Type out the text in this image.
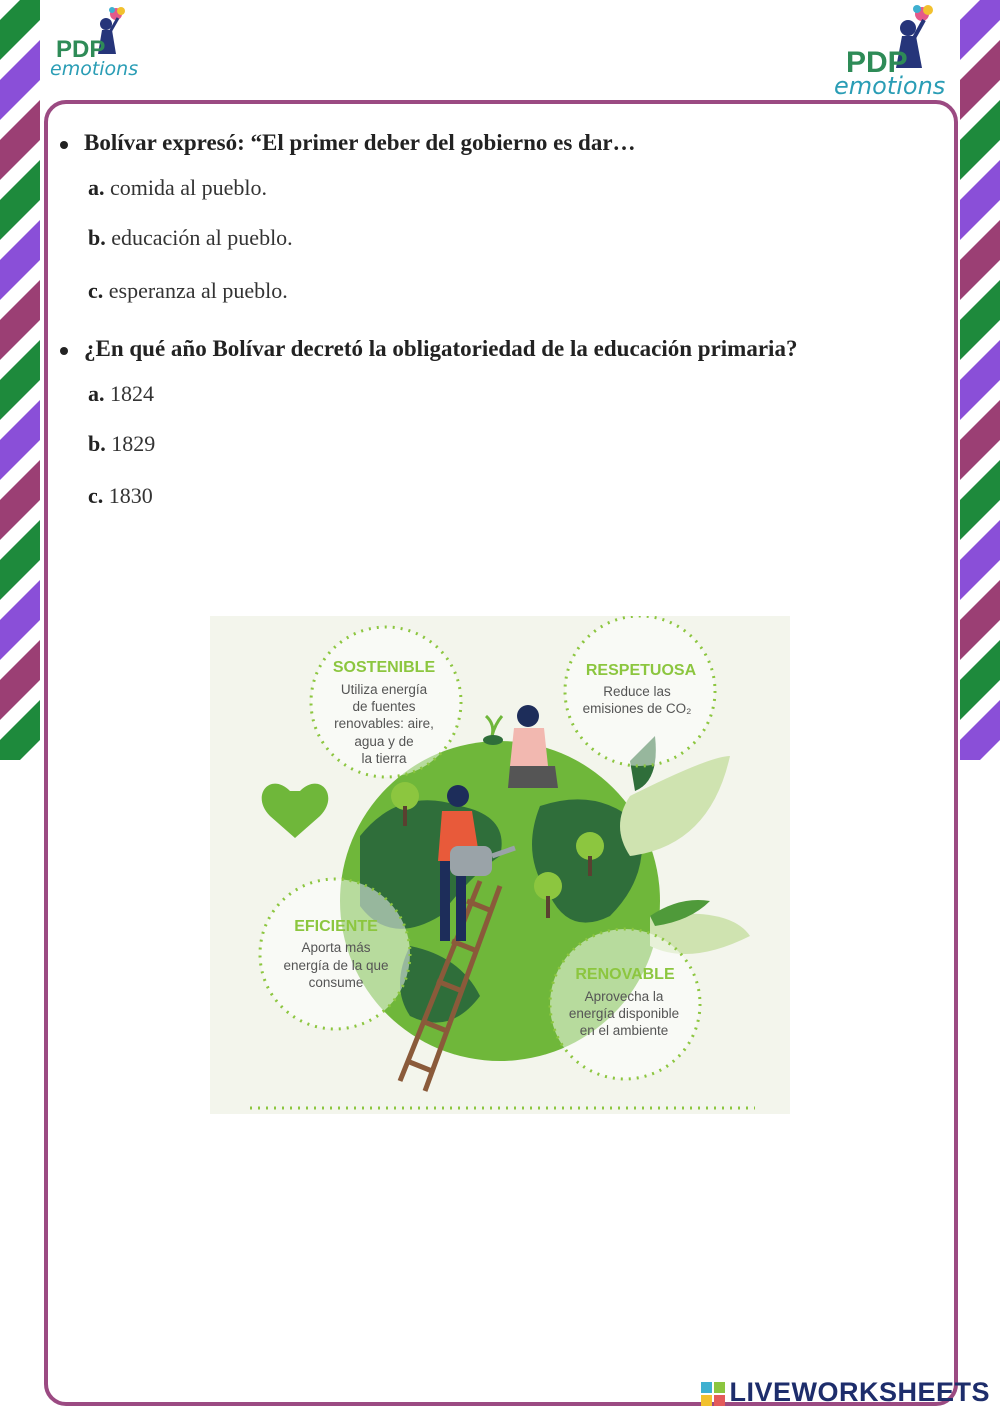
PDP
emotions	PDP
emotions
Bolívar expresó: “El primer deber del gobierno es dar…
a. comida al pueblo.
b. educación al pueblo.
c. esperanza al pueblo.
¿En qué año Bolívar decretó la obligatoriedad de la educación primaria?
a. 1824
b. 1829
c. 1830
SOSTENIBLE
Utiliza energía
de fuentes
renovables: aire,
agua y de
la tierra
RESPETUOSA
Reduce las
emisiones de CO₂
EFICIENTE
Aporta más
energía de la que
consume	RENOVABLE
Aprovecha la
energía disponible
en el ambiente
LIVEWORKSHEETS
